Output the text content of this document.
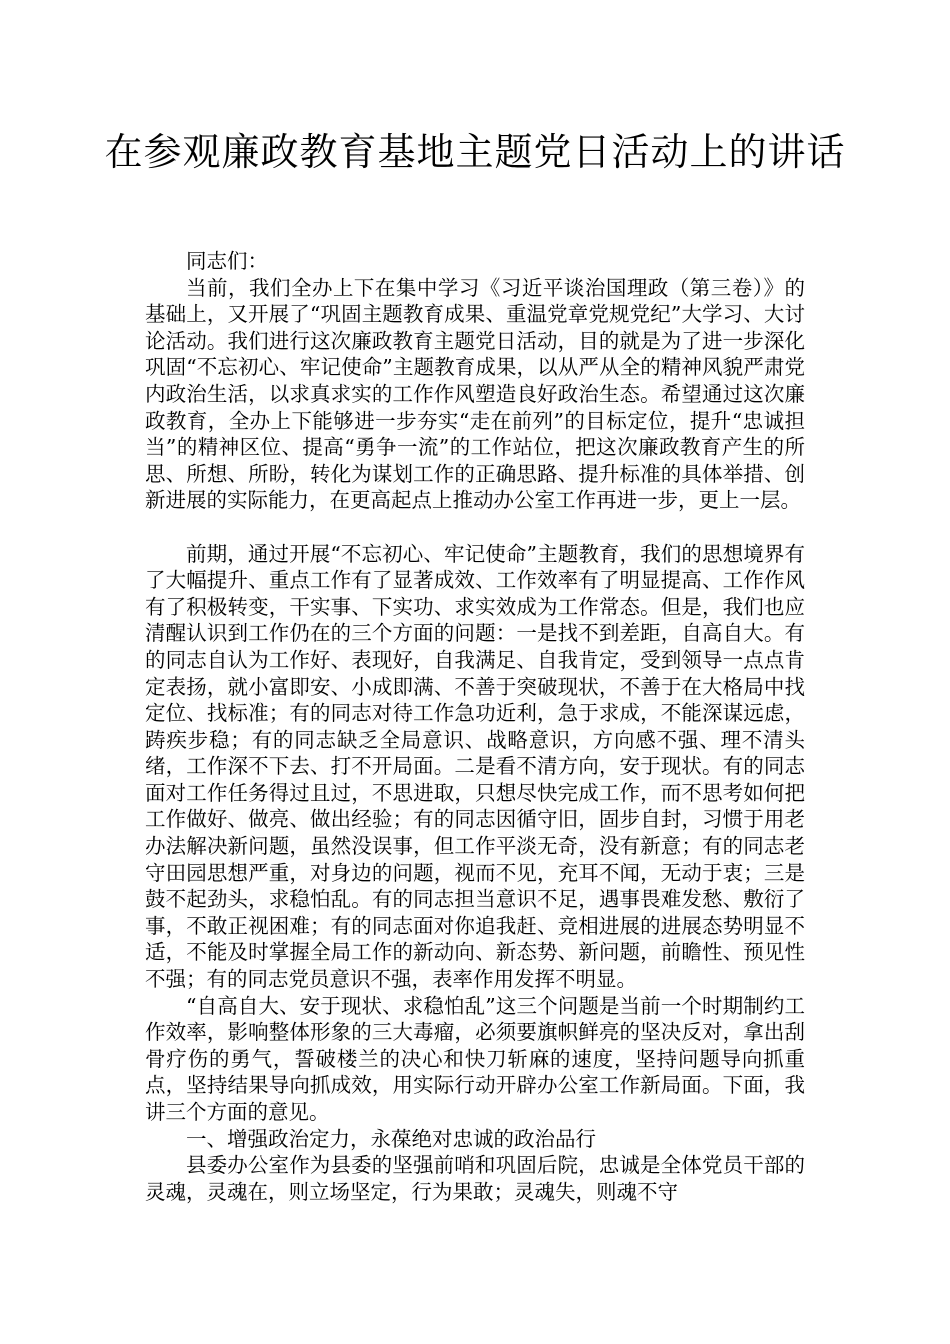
在参观廉政教育基地主题党日活动上的讲话

同志们：

当前，我们全办上下在集中学习《习近平谈治国理政（第三卷）》的基础上，又开展了“巩固主题教育成果、重温党章党规党纪”大学习、大讨论活动。我们进行这次廉政教育主题党日活动，目的就是为了进一步深化巩固“不忘初心、牢记使命”主题教育成果，以从严从全的精神风貌严肃党内政治生活，以求真求实的工作作风塑造良好政治生态。希望通过这次廉政教育，全办上下能够进一步夯实“走在前列”的目标定位，提升“忠诚担当”的精神区位、提高“勇争一流”的工作站位，把这次廉政教育产生的所思、所想、所盼，转化为谋划工作的正确思路、提升标准的具体举措、创新进展的实际能力，在更高起点上推动办公室工作再进一步，更上一层。

前期，通过开展“不忘初心、牢记使命”主题教育，我们的思想境界有了大幅提升、重点工作有了显著成效、工作效率有了明显提高、工作作风有了积极转变，干实事、下实功、求实效成为工作常态。但是，我们也应清醒认识到工作仍在的三个方面的问题：一是找不到差距，自高自大。有的同志自认为工作好、表现好，自我满足、自我肯定，受到领导一点点肯定表扬，就小富即安、小成即满、不善于突破现状，不善于在大格局中找定位、找标准；有的同志对待工作急功近利，急于求成，不能深谋远虑，踌疾步稳；有的同志缺乏全局意识、战略意识，方向感不强、理不清头绪，工作深不下去、打不开局面。二是看不清方向，安于现状。有的同志面对工作任务得过且过，不思进取，只想尽快完成工作，而不思考如何把工作做好、做亮、做出经验；有的同志因循守旧，固步自封，习惯于用老办法解决新问题，虽然没误事，但工作平淡无奇，没有新意；有的同志老守田园思想严重，对身边的问题，视而不见，充耳不闻，无动于衷；三是鼓不起劲头，求稳怕乱。有的同志担当意识不足，遇事畏难发愁、敷衍了事，不敢正视困难；有的同志面对你追我赶、竞相进展的进展态势明显不适，不能及时掌握全局工作的新动向、新态势、新问题，前瞻性、预见性不强；有的同志党员意识不强，表率作用发挥不明显。

“自高自大、安于现状、求稳怕乱”这三个问题是当前一个时期制约工作效率，影响整体形象的三大毒瘤，必须要旗帜鲜亮的坚决反对，拿出刮骨疗伤的勇气，誓破楼兰的决心和快刀斩麻的速度，坚持问题导向抓重点，坚持结果导向抓成效，用实际行动开辟办公室工作新局面。下面，我讲三个方面的意见。

一、增强政治定力，永葆绝对忠诚的政治品行

县委办公室作为县委的坚强前哨和巩固后院，忠诚是全体党员干部的灵魂，灵魂在，则立场坚定，行为果敢；灵魂失，则魂不守
